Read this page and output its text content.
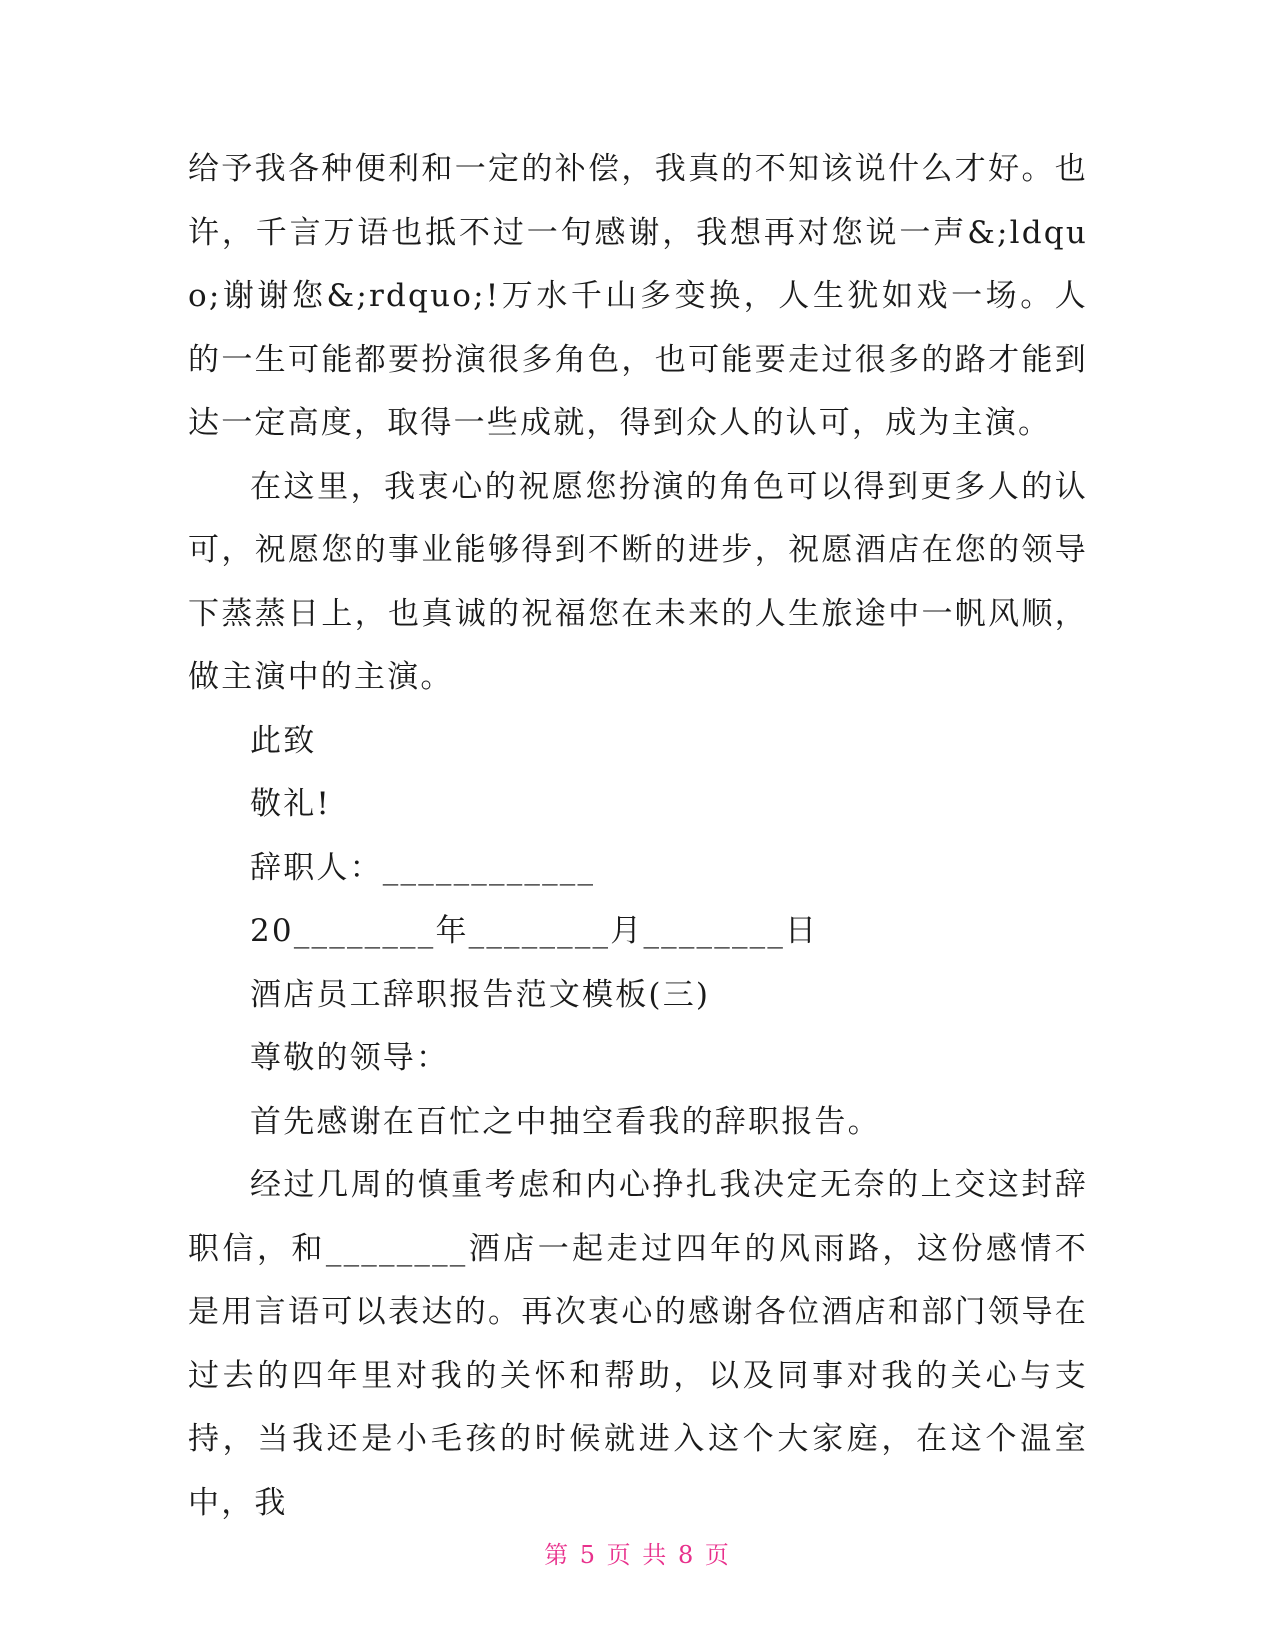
给予我各种便利和一定的补偿，我真的不知该说什么才好。也许，千言万语也抵不过一句感谢，我想再对您说一声&;ldquo;谢谢您&;rdquo;!万水千山多变换，人生犹如戏一场。人的一生可能都要扮演很多角色，也可能要走过很多的路才能到达一定高度，取得一些成就，得到众人的认可，成为主演。

在这里，我衷心的祝愿您扮演的角色可以得到更多人的认可，祝愿您的事业能够得到不断的进步，祝愿酒店在您的领导下蒸蒸日上，也真诚的祝福您在未来的人生旅途中一帆风顺，做主演中的主演。

此致

敬礼!

辞职人：____________

20________年________月________日

酒店员工辞职报告范文模板(三)

尊敬的领导：

首先感谢在百忙之中抽空看我的辞职报告。

经过几周的慎重考虑和内心挣扎我决定无奈的上交这封辞职信，和________酒店一起走过四年的风雨路，这份感情不是用言语可以表达的。再次衷心的感谢各位酒店和部门领导在过去的四年里对我的关怀和帮助，以及同事对我的关心与支持，当我还是小毛孩的时候就进入这个大家庭，在这个温室中，我

第 5 页 共 8 页
